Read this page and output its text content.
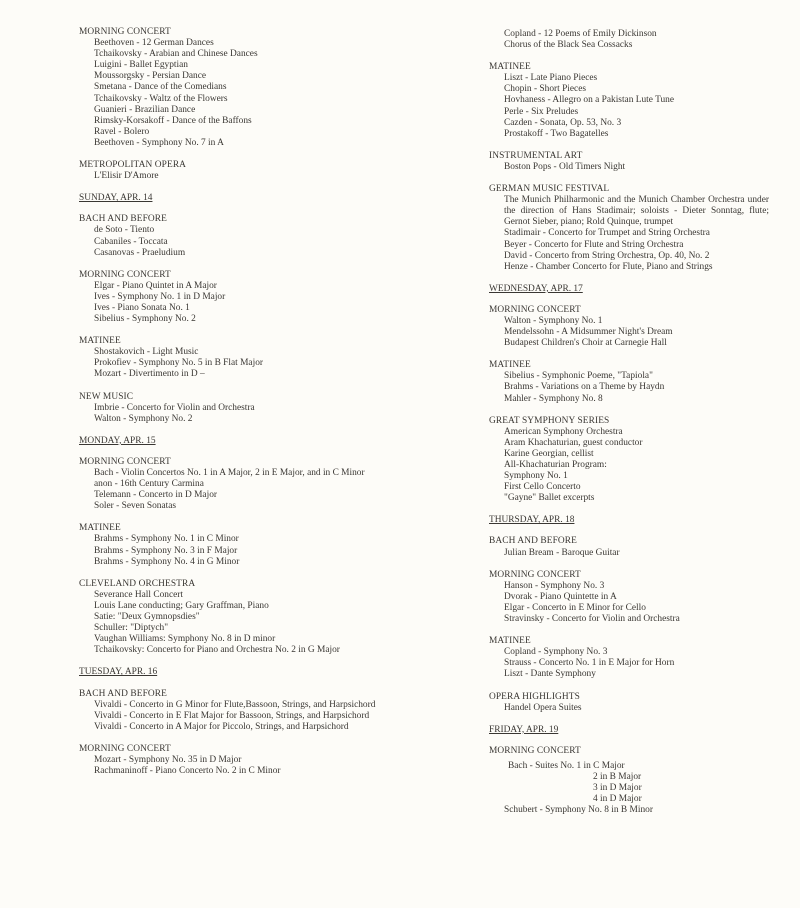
MORNING CONCERT
Beethoven - 12 German Dances
Tchaikovsky - Arabian and Chinese Dances
Luigini - Ballet Egyptian
Moussorgsky - Persian Dance
Smetana - Dance of the Comedians
Tchaikovsky - Waltz of the Flowers
Guanieri - Brazilian Dance
Rimsky-Korsakoff - Dance of the Baffons
Ravel - Bolero
Beethoven - Symphony No. 7 in A
METROPOLITAN OPERA
L'Elisir D'Amore
SUNDAY, APR. 14
BACH AND BEFORE
de Soto - Tiento
Cabaniles - Toccata
Casanovas - Praeludium
MORNING CONCERT
Elgar - Piano Quintet in A Major
Ives - Symphony No. 1 in D Major
Ives - Piano Sonata No. 1
Sibelius - Symphony No. 2
MATINEE
Shostakovich - Light Music
Prokofiev - Symphony No. 5 in B Flat Major
Mozart - Divertimento in D –
NEW MUSIC
Imbrie - Concerto for Violin and Orchestra
Walton - Symphony No. 2
MONDAY, APR. 15
MORNING CONCERT
Bach - Violin Concertos No. 1 in A Major, 2 in E Major, and in C Minor
anon - 16th Century Carmina
Telemann - Concerto in D Major
Soler - Seven Sonatas
MATINEE
Brahms - Symphony No. 1 in C Minor
Brahms - Symphony No. 3 in F Major
Brahms - Symphony No. 4 in G Minor
CLEVELAND ORCHESTRA
Severance Hall Concert
Louis Lane conducting; Gary Graffman, Piano
Satie: "Deux Gymnopsdies"
Schuller: "Diptych"
Vaughan Williams: Symphony No. 8 in D minor
Tchaikovsky: Concerto for Piano and Orchestra No. 2 in G Major
TUESDAY, APR. 16
BACH AND BEFORE
Vivaldi - Concerto in G Minor for Flute,Bassoon, Strings, and Harpsichord
Vivaldi - Concerto in E Flat Major for Bassoon, Strings, and Harpsichord
Vivaldi - Concerto in A Major for Piccolo, Strings, and Harpsichord
MORNING CONCERT
Mozart - Symphony No. 35 in D Major
Rachmaninoff - Piano Concerto No. 2 in C Minor
Copland - 12 Poems of Emily Dickinson
Chorus of the Black Sea Cossacks
MATINEE
Liszt - Late Piano Pieces
Chopin - Short Pieces
Hovhaness - Allegro on a Pakistan Lute Tune
Perle - Six Preludes
Cazden - Sonata, Op. 53, No. 3
Prostakoff - Two Bagatelles
INSTRUMENTAL ART
Boston Pops - Old Timers Night
GERMAN MUSIC FESTIVAL
The Munich Philharmonic and the Munich Chamber Orchestra under the direction of Hans Stadimair; soloists - Dieter Sonntag, flute; Gernot Sieber, piano; Rold Quinque, trumpet
Stadimair - Concerto for Trumpet and String Orchestra
Beyer - Concerto for Flute and String Orchestra
David - Concerto from String Orchestra, Op. 40, No. 2
Henze - Chamber Concerto for Flute, Piano and Strings
WEDNESDAY, APR. 17
MORNING CONCERT
Walton - Symphony No. 1
Mendelssohn - A Midsummer Night's Dream
Budapest Children's Choir at Carnegie Hall
MATINEE
Sibelius - Symphonic Poeme, "Tapiola"
Brahms - Variations on a Theme by Haydn
Mahler - Symphony No. 8
GREAT SYMPHONY SERIES
American Symphony Orchestra
Aram Khachaturian, guest conductor
Karine Georgian, cellist
All-Khachaturian Program:
Symphony No. 1
First Cello Concerto
"Gayne" Ballet excerpts
THURSDAY, APR. 18
BACH AND BEFORE
Julian Bream - Baroque Guitar
MORNING CONCERT
Hanson - Symphony No. 3
Dvorak - Piano Quintette in A
Elgar - Concerto in E Minor for Cello
Stravinsky - Concerto for Violin and Orchestra
MATINEE
Copland - Symphony No. 3
Strauss - Concerto No. 1 in E Major for Horn
Liszt - Dante Symphony
OPERA HIGHLIGHTS
Handel Opera Suites
FRIDAY, APR. 19
MORNING CONCERT
Bach - Suites No. 1 in C Major
2 in B Major
3 in D Major
4 in D Major
Schubert - Symphony No. 8 in B Minor
